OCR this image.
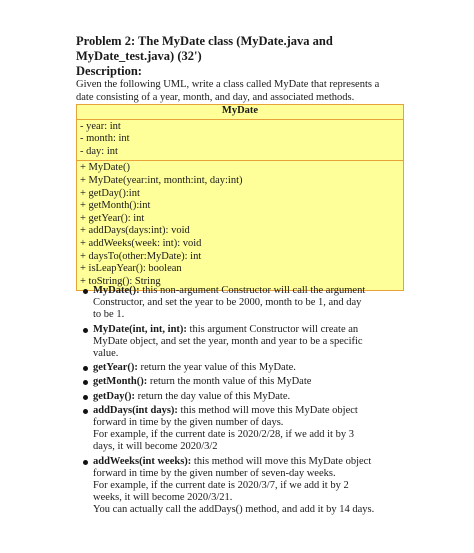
Problem 2: The MyDate class (MyDate.java and
MyDate_test.java) (32')

Description:

Given the following UML, write a class called MyDate that represents a
date consisting of a year, month, and day, and associated methods.

MyDate
- year: int
- month: int
- day: int
+ MyDate()
+ MyDate(year:int, month:int, day:int)
+ getDay():int
+ getMonth():int
+ getYear(): int
+ addDays(days:int): void
+ addWeeks(week: int): void
+ daysTo(other:MyDate): int
+ isLeapYear(): boolean
+ toString(): String
MyDate(): this non-argument Constructor will call the argument
Constructor, and set the year to be 2000, month to be 1, and day
to be 1.
MyDate(int, int, int): this argument Constructor will create an
MyDate object, and set the year, month and year to be a specific
value.
getYear(): return the year value of this MyDate.
getMonth(): return the month value of this MyDate
getDay(): return the day value of this MyDate.
addDays(int days): this method will move this MyDate object
forward in time by the given number of days.
For example, if the current date is 2020/2/28, if we add it by 3
days, it will become 2020/3/2
addWeeks(int weeks): this method will move this MyDate object
forward in time by the given number of seven-day weeks.
For example, if the current date is 2020/3/7, if we add it by 2
weeks, it will become 2020/3/21.
You can actually call the addDays() method, and add it by 14 days.
